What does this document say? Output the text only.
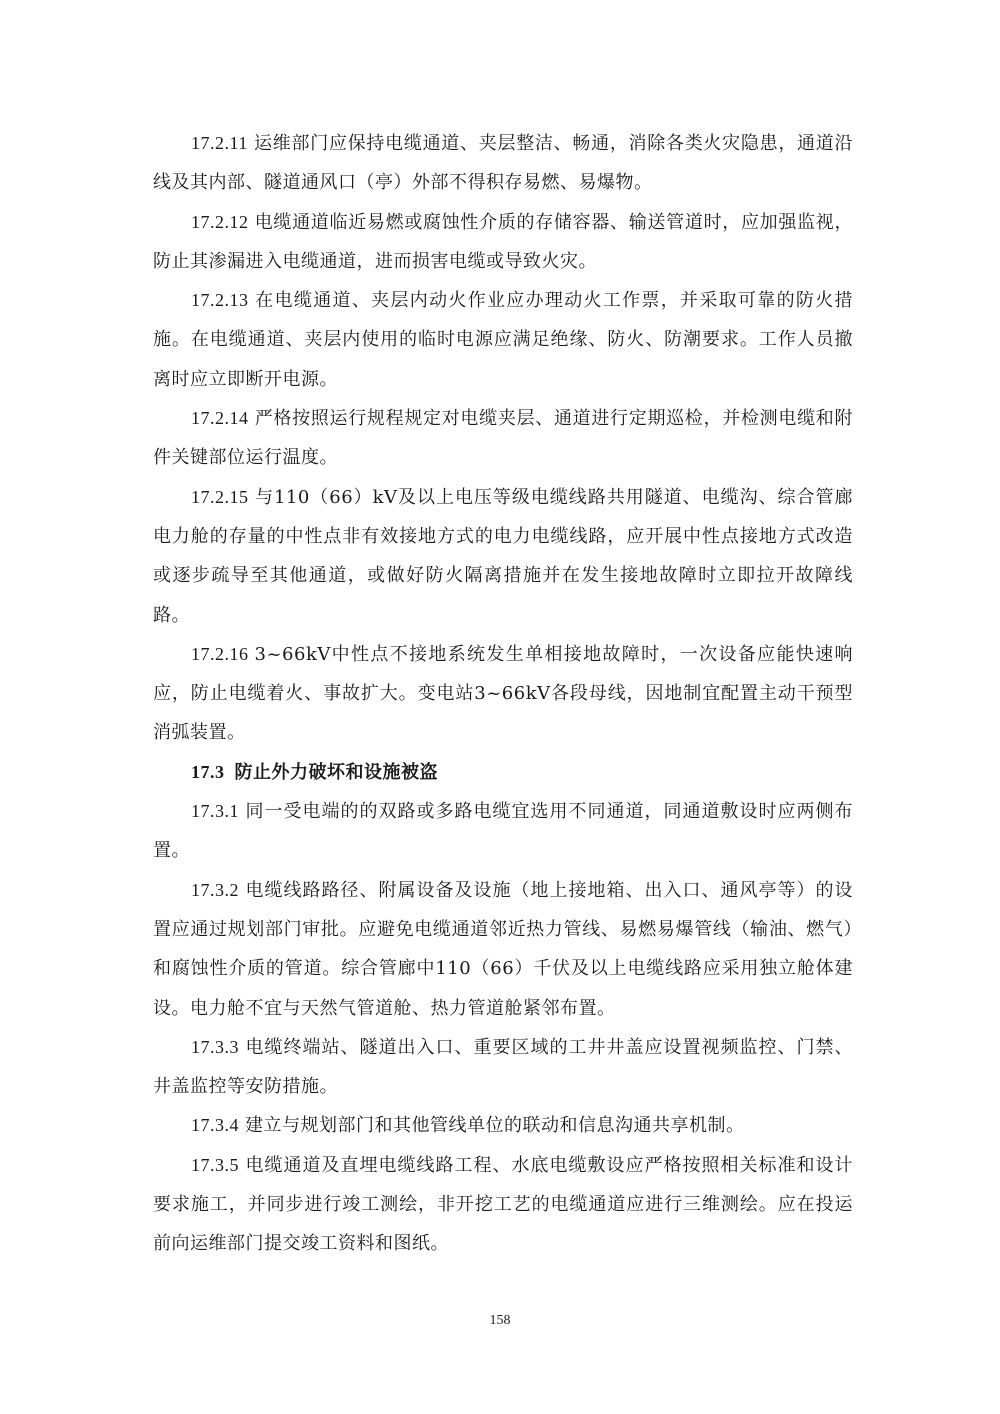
17.2.11 运维部门应保持电缆通道、夹层整洁、畅通，消除各类火灾隐患，通道沿线及其内部、隧道通风口（亭）外部不得积存易燃、易爆物。

17.2.12 电缆通道临近易燃或腐蚀性介质的存储容器、输送管道时，应加强监视，防止其渗漏进入电缆通道，进而损害电缆或导致火灾。

17.2.13 在电缆通道、夹层内动火作业应办理动火工作票，并采取可靠的防火措施。在电缆通道、夹层内使用的临时电源应满足绝缘、防火、防潮要求。工作人员撤离时应立即断开电源。

17.2.14 严格按照运行规程规定对电缆夹层、通道进行定期巡检，并检测电缆和附件关键部位运行温度。

17.2.15 与110（66）kV及以上电压等级电缆线路共用隧道、电缆沟、综合管廊电力舱的存量的中性点非有效接地方式的电力电缆线路，应开展中性点接地方式改造或逐步疏导至其他通道，或做好防火隔离措施并在发生接地故障时立即拉开故障线路。

17.2.16 3~66kV中性点不接地系统发生单相接地故障时，一次设备应能快速响应，防止电缆着火、事故扩大。变电站3~66kV各段母线，因地制宜配置主动干预型消弧装置。

17.3 防止外力破坏和设施被盗

17.3.1 同一受电端的的双路或多路电缆宜选用不同通道，同通道敷设时应两侧布置。

17.3.2 电缆线路路径、附属设备及设施（地上接地箱、出入口、通风亭等）的设置应通过规划部门审批。应避免电缆通道邻近热力管线、易燃易爆管线（输油、燃气）和腐蚀性介质的管道。综合管廊中110（66）千伏及以上电缆线路应采用独立舱体建设。电力舱不宜与天然气管道舱、热力管道舱紧邻布置。

17.3.3 电缆终端站、隧道出入口、重要区域的工井井盖应设置视频监控、门禁、井盖监控等安防措施。

17.3.4 建立与规划部门和其他管线单位的联动和信息沟通共享机制。

17.3.5 电缆通道及直埋电缆线路工程、水底电缆敷设应严格按照相关标准和设计要求施工，并同步进行竣工测绘，非开挖工艺的电缆通道应进行三维测绘。应在投运前向运维部门提交竣工资料和图纸。

158
